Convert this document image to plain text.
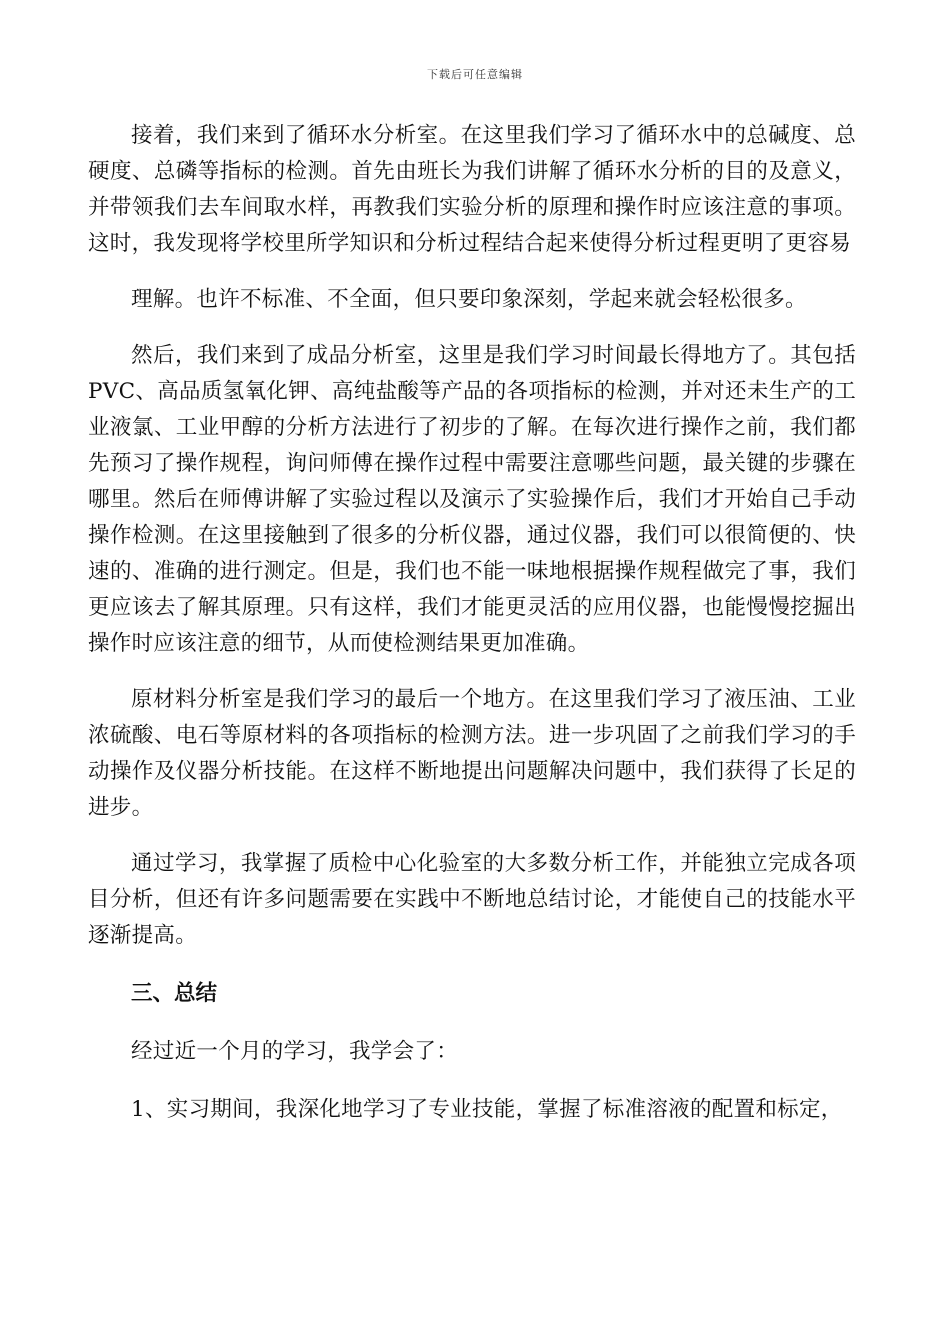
下载后可任意编辑

接着，我们来到了循环水分析室。在这里我们学习了循环水中的总碱度、总硬度、总磷等指标的检测。首先由班长为我们讲解了循环水分析的目的及意义，并带领我们去车间取水样，再教我们实验分析的原理和操作时应该注意的事项。这时，我发现将学校里所学知识和分析过程结合起来使得分析过程更明了更容易

理解。也许不标准、不全面，但只要印象深刻，学起来就会轻松很多。

然后，我们来到了成品分析室，这里是我们学习时间最长得地方了。其包括PVC、高品质氢氧化钾、高纯盐酸等产品的各项指标的检测，并对还未生产的工业液氯、工业甲醇的分析方法进行了初步的了解。在每次进行操作之前，我们都先预习了操作规程，询问师傅在操作过程中需要注意哪些问题，最关键的步骤在哪里。然后在师傅讲解了实验过程以及演示了实验操作后，我们才开始自己手动操作检测。在这里接触到了很多的分析仪器，通过仪器，我们可以很简便的、快速的、准确的进行测定。但是，我们也不能一味地根据操作规程做完了事，我们更应该去了解其原理。只有这样，我们才能更灵活的应用仪器，也能慢慢挖掘出操作时应该注意的细节，从而使检测结果更加准确。

原材料分析室是我们学习的最后一个地方。在这里我们学习了液压油、工业浓硫酸、电石等原材料的各项指标的检测方法。进一步巩固了之前我们学习的手动操作及仪器分析技能。在这样不断地提出问题解决问题中，我们获得了长足的进步。

通过学习，我掌握了质检中心化验室的大多数分析工作，并能独立完成各项目分析，但还有许多问题需要在实践中不断地总结讨论，才能使自己的技能水平逐渐提高。

三、总结

经过近一个月的学习，我学会了：

1、实习期间，我深化地学习了专业技能，掌握了标准溶液的配置和标定，
